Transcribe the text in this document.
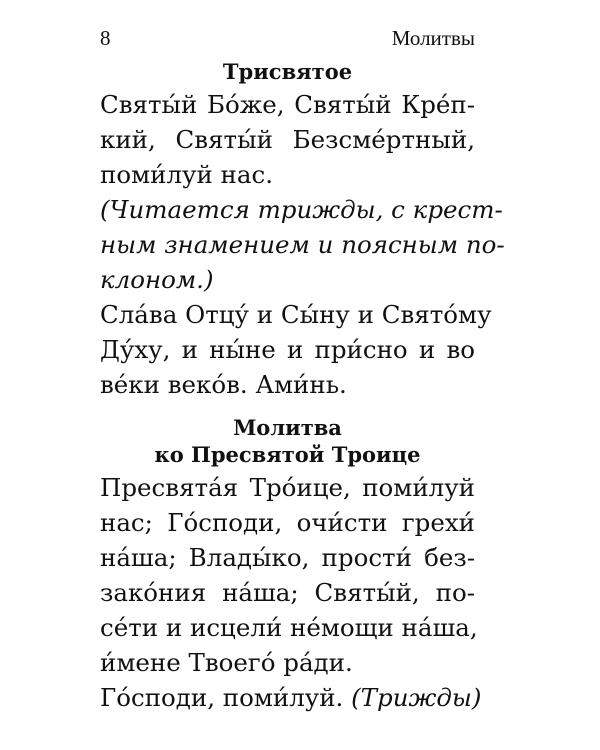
8	Молитвы
Трисвятое
Святы́й Бо́же, Святы́й Кре́п-
кий, Святы́й Безсме́ртный,
поми́луй нас.
(Читается трижды, с крест-
ным знамением и поясным по-
клоном.)
Сла́ва Отцу́ и Сы́ну и Свято́му
Ду́ху, и ны́не и при́сно и во
ве́ки веко́в. Ами́нь.
Молитва
ко Пресвятой Троице
Пресвята́я Тро́ице, поми́луй
нас; Го́споди, очи́сти грехи́
на́ша; Влады́ко, прости́ без-
зако́ния на́ша; Святы́й, по-
се́ти и исцели́ не́мощи на́ша,
и́мене Твоего́ ра́ди.
Го́споди, поми́луй. (Трижды)
